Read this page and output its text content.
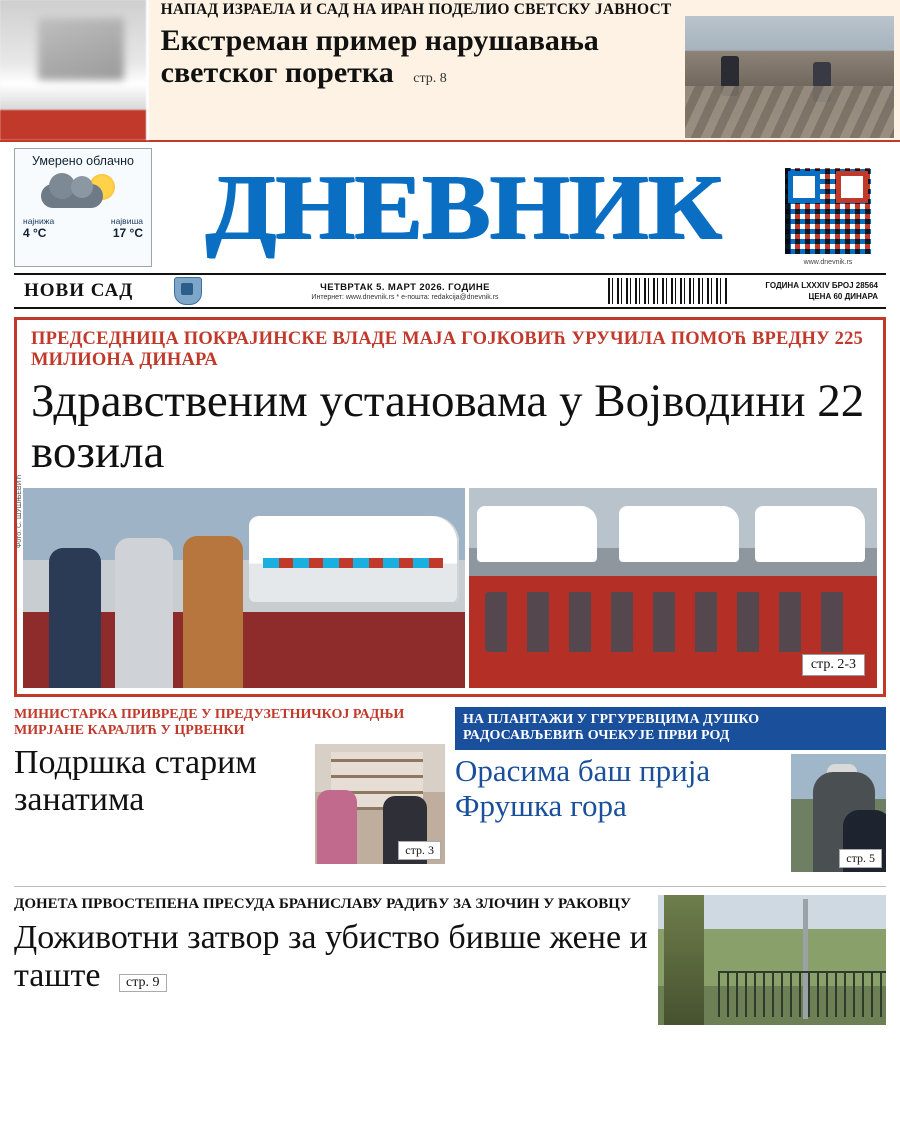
НАПАД ИЗРАЕЛА И САД НА ИРАН ПОДЕЛИО СВЕТСКУ ЈАВНОСТ
Екстреман пример нарушавања светског поретка стр. 8
Умерено облачно
најнижа
4 °C
највиша
17 °C ДНЕВНИК
www.dnevnik.rs
НОВИ САД	ЧЕТВРТАК 5. МАРТ 2026. ГОДИНЕ
Интернет: www.dnevnik.rs * e-пошта: redakcija@dnevnik.rs
ГОДИНА LXXXIV БРОЈ 28564
ЦЕНА 60 ДИНАРА
ПРЕДСЕДНИЦА ПОКРАЈИНСКЕ ВЛАДЕ МАЈА ГОЈКОВИЋ УРУЧИЛА ПОМОЋ ВРЕДНУ 225 МИЛИОНА ДИНАРА
Здравственим установама у Војводини 22 возила
Фото: С. ШУШЊЕВИЋ
стр. 2-3
МИНИСТАРКА ПРИВРЕДЕ У ПРЕДУЗЕТНИЧКОЈ РАДЊИ МИРЈАНЕ КАРАЛИЋ У ЦРВЕНКИ
Подршка старим занатима
стр. 3
НА ПЛАНТАЖИ У ГРГУРЕВЦИМА ДУШКО РАДОСАВЉЕВИЋ ОЧЕКУЈЕ ПРВИ РОД
Орасима баш прија Фрушка гора
стр. 5
ДОНЕТА ПРВОСТЕПЕНА ПРЕСУДА БРАНИСЛАВУ РАДИЋУ ЗА ЗЛОЧИН У РАКОВЦУ
Доживотни затвор за убиство бивше жене и таште стр. 9
